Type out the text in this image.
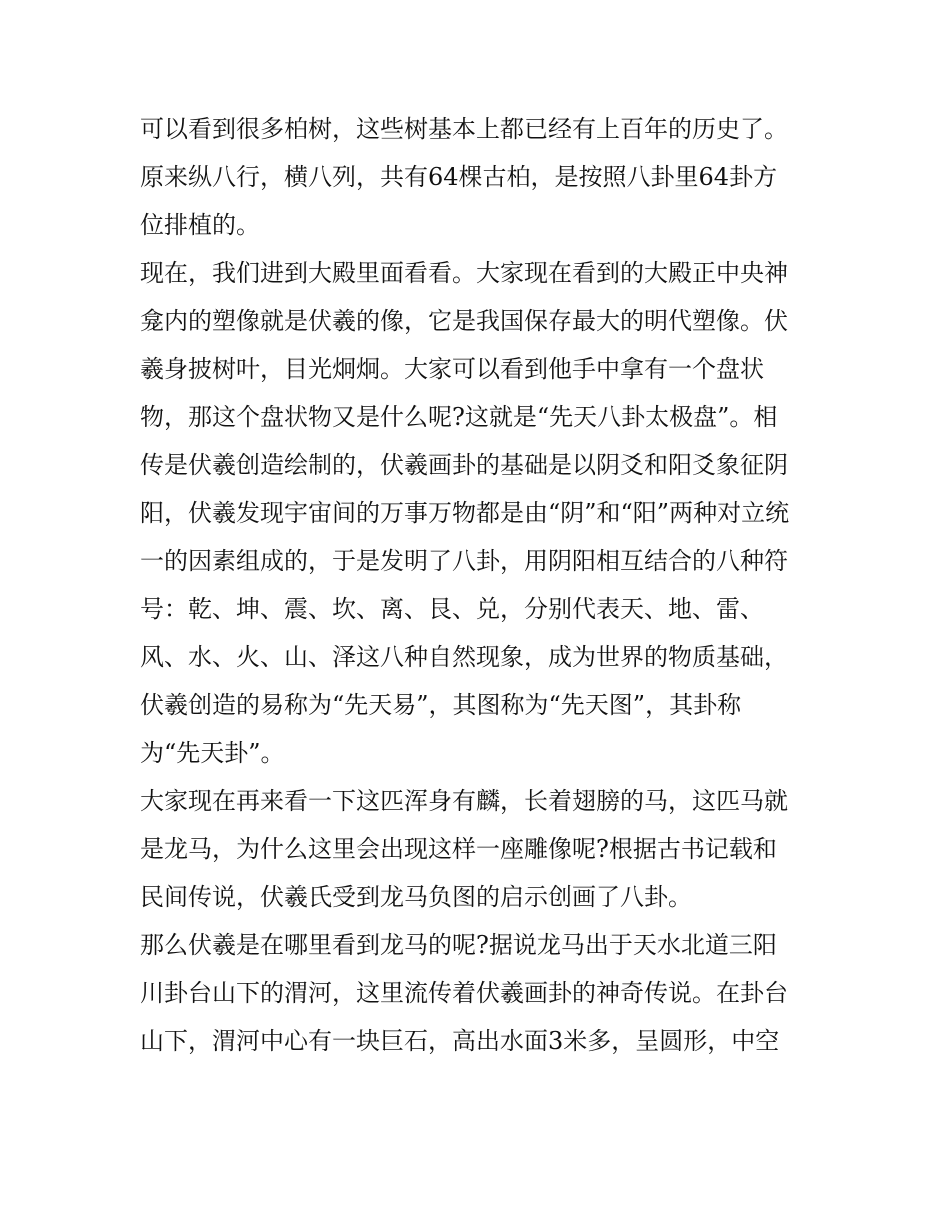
可以看到很多柏树，这些树基本上都已经有上百年的历史了。
原来纵八行，横八列，共有64棵古柏，是按照八卦里64卦方
位排植的。
现在，我们进到大殿里面看看。大家现在看到的大殿正中央神
龛内的塑像就是伏羲的像，它是我国保存最大的明代塑像。伏
羲身披树叶，目光炯炯。大家可以看到他手中拿有一个盘状
物，那这个盘状物又是什么呢?这就是“先天八卦太极盘”。相
传是伏羲创造绘制的，伏羲画卦的基础是以阴爻和阳爻象征阴
阳，伏羲发现宇宙间的万事万物都是由“阴”和“阳”两种对立统
一的因素组成的，于是发明了八卦，用阴阳相互结合的八种符
号：乾、坤、震、坎、离、艮、兑，分别代表天、地、雷、
风、水、火、山、泽这八种自然现象，成为世界的物质基础，
伏羲创造的易称为“先天易”，其图称为“先天图”，其卦称
为“先天卦”。
大家现在再来看一下这匹浑身有麟，长着翅膀的马，这匹马就
是龙马，为什么这里会出现这样一座雕像呢?根据古书记载和
民间传说，伏羲氏受到龙马负图的启示创画了八卦。
那么伏羲是在哪里看到龙马的呢?据说龙马出于天水北道三阳
川卦台山下的渭河，这里流传着伏羲画卦的神奇传说。在卦台
山下，渭河中心有一块巨石，高出水面3米多，呈圆形，中空
